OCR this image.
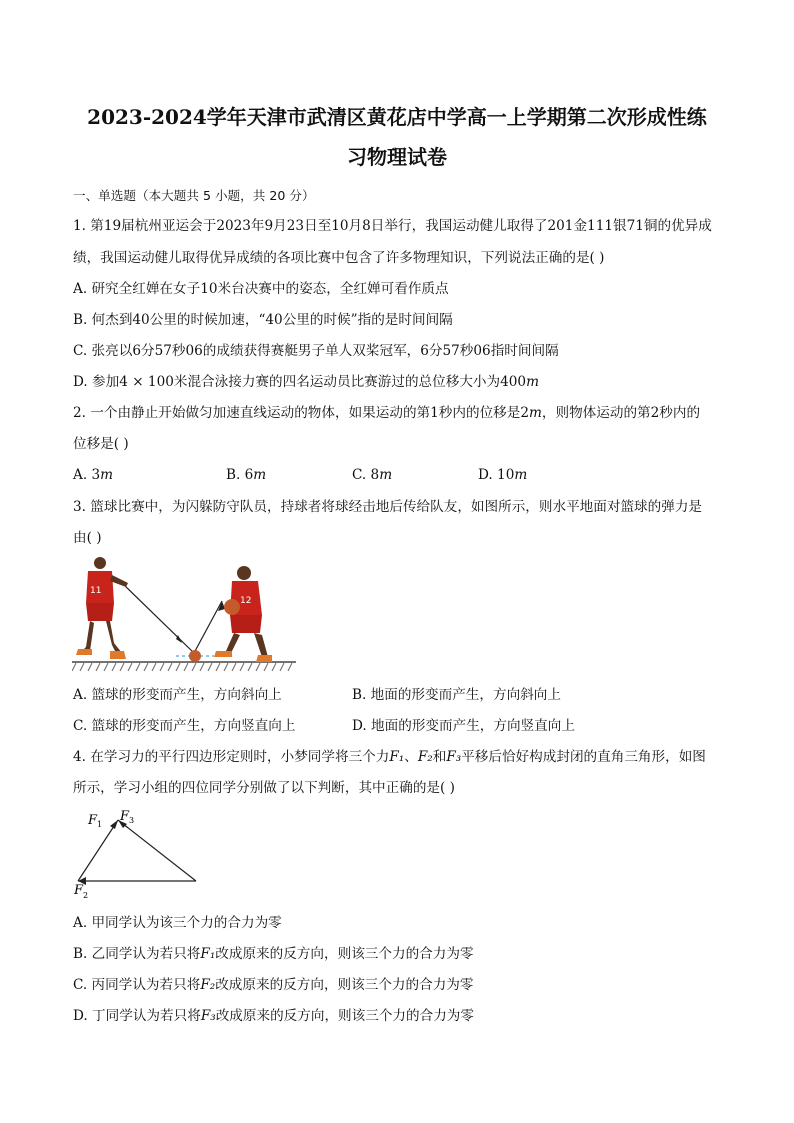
2023-2024学年天津市武清区黄花店中学高一上学期第二次形成性练
习物理试卷
一、单选题（本大题共 5 小题，共 20 分）
1. 第19届杭州亚运会于2023年9月23日至10月8日举行，我国运动健儿取得了201金111银71铜的优异成
绩，我国运动健儿取得优异成绩的各项比赛中包含了许多物理知识，下列说法正确的是( )
A. 研究全红婵在女子10米台决赛中的姿态，全红婵可看作质点
B. 何杰到40公里的时候加速，“40公里的时候”指的是时间间隔
C. 张亮以6分57秒06的成绩获得赛艇男子单人双桨冠军，6分57秒06指时间间隔
D. 参加4 × 100米混合泳接力赛的四名运动员比赛游过的总位移大小为400m
2. 一个由静止开始做匀加速直线运动的物体，如果运动的第1秒内的位移是2m，则物体运动的第2秒内的
位移是( )
A. 3m	B. 6m	C. 8m	D. 10m
3. 篮球比赛中，为闪躲防守队员，持球者将球经击地后传给队友，如图所示，则水平地面对篮球的弹力是
由( )
11
12
A. 篮球的形变而产生，方向斜向上	B. 地面的形变而产生，方向斜向上
C. 篮球的形变而产生，方向竖直向上	D. 地面的形变而产生，方向竖直向上
4. 在学习力的平行四边形定则时，小梦同学将三个力F₁、F₂和F₃平移后恰好构成封闭的直角三角形，如图
所示，学习小组的四位同学分别做了以下判断，其中正确的是( )
F 1
F 3
F 2
A. 甲同学认为该三个力的合力为零
B. 乙同学认为若只将F₁改成原来的反方向，则该三个力的合力为零
C. 丙同学认为若只将F₂改成原来的反方向，则该三个力的合力为零
D. 丁同学认为若只将F₃改成原来的反方向，则该三个力的合力为零
